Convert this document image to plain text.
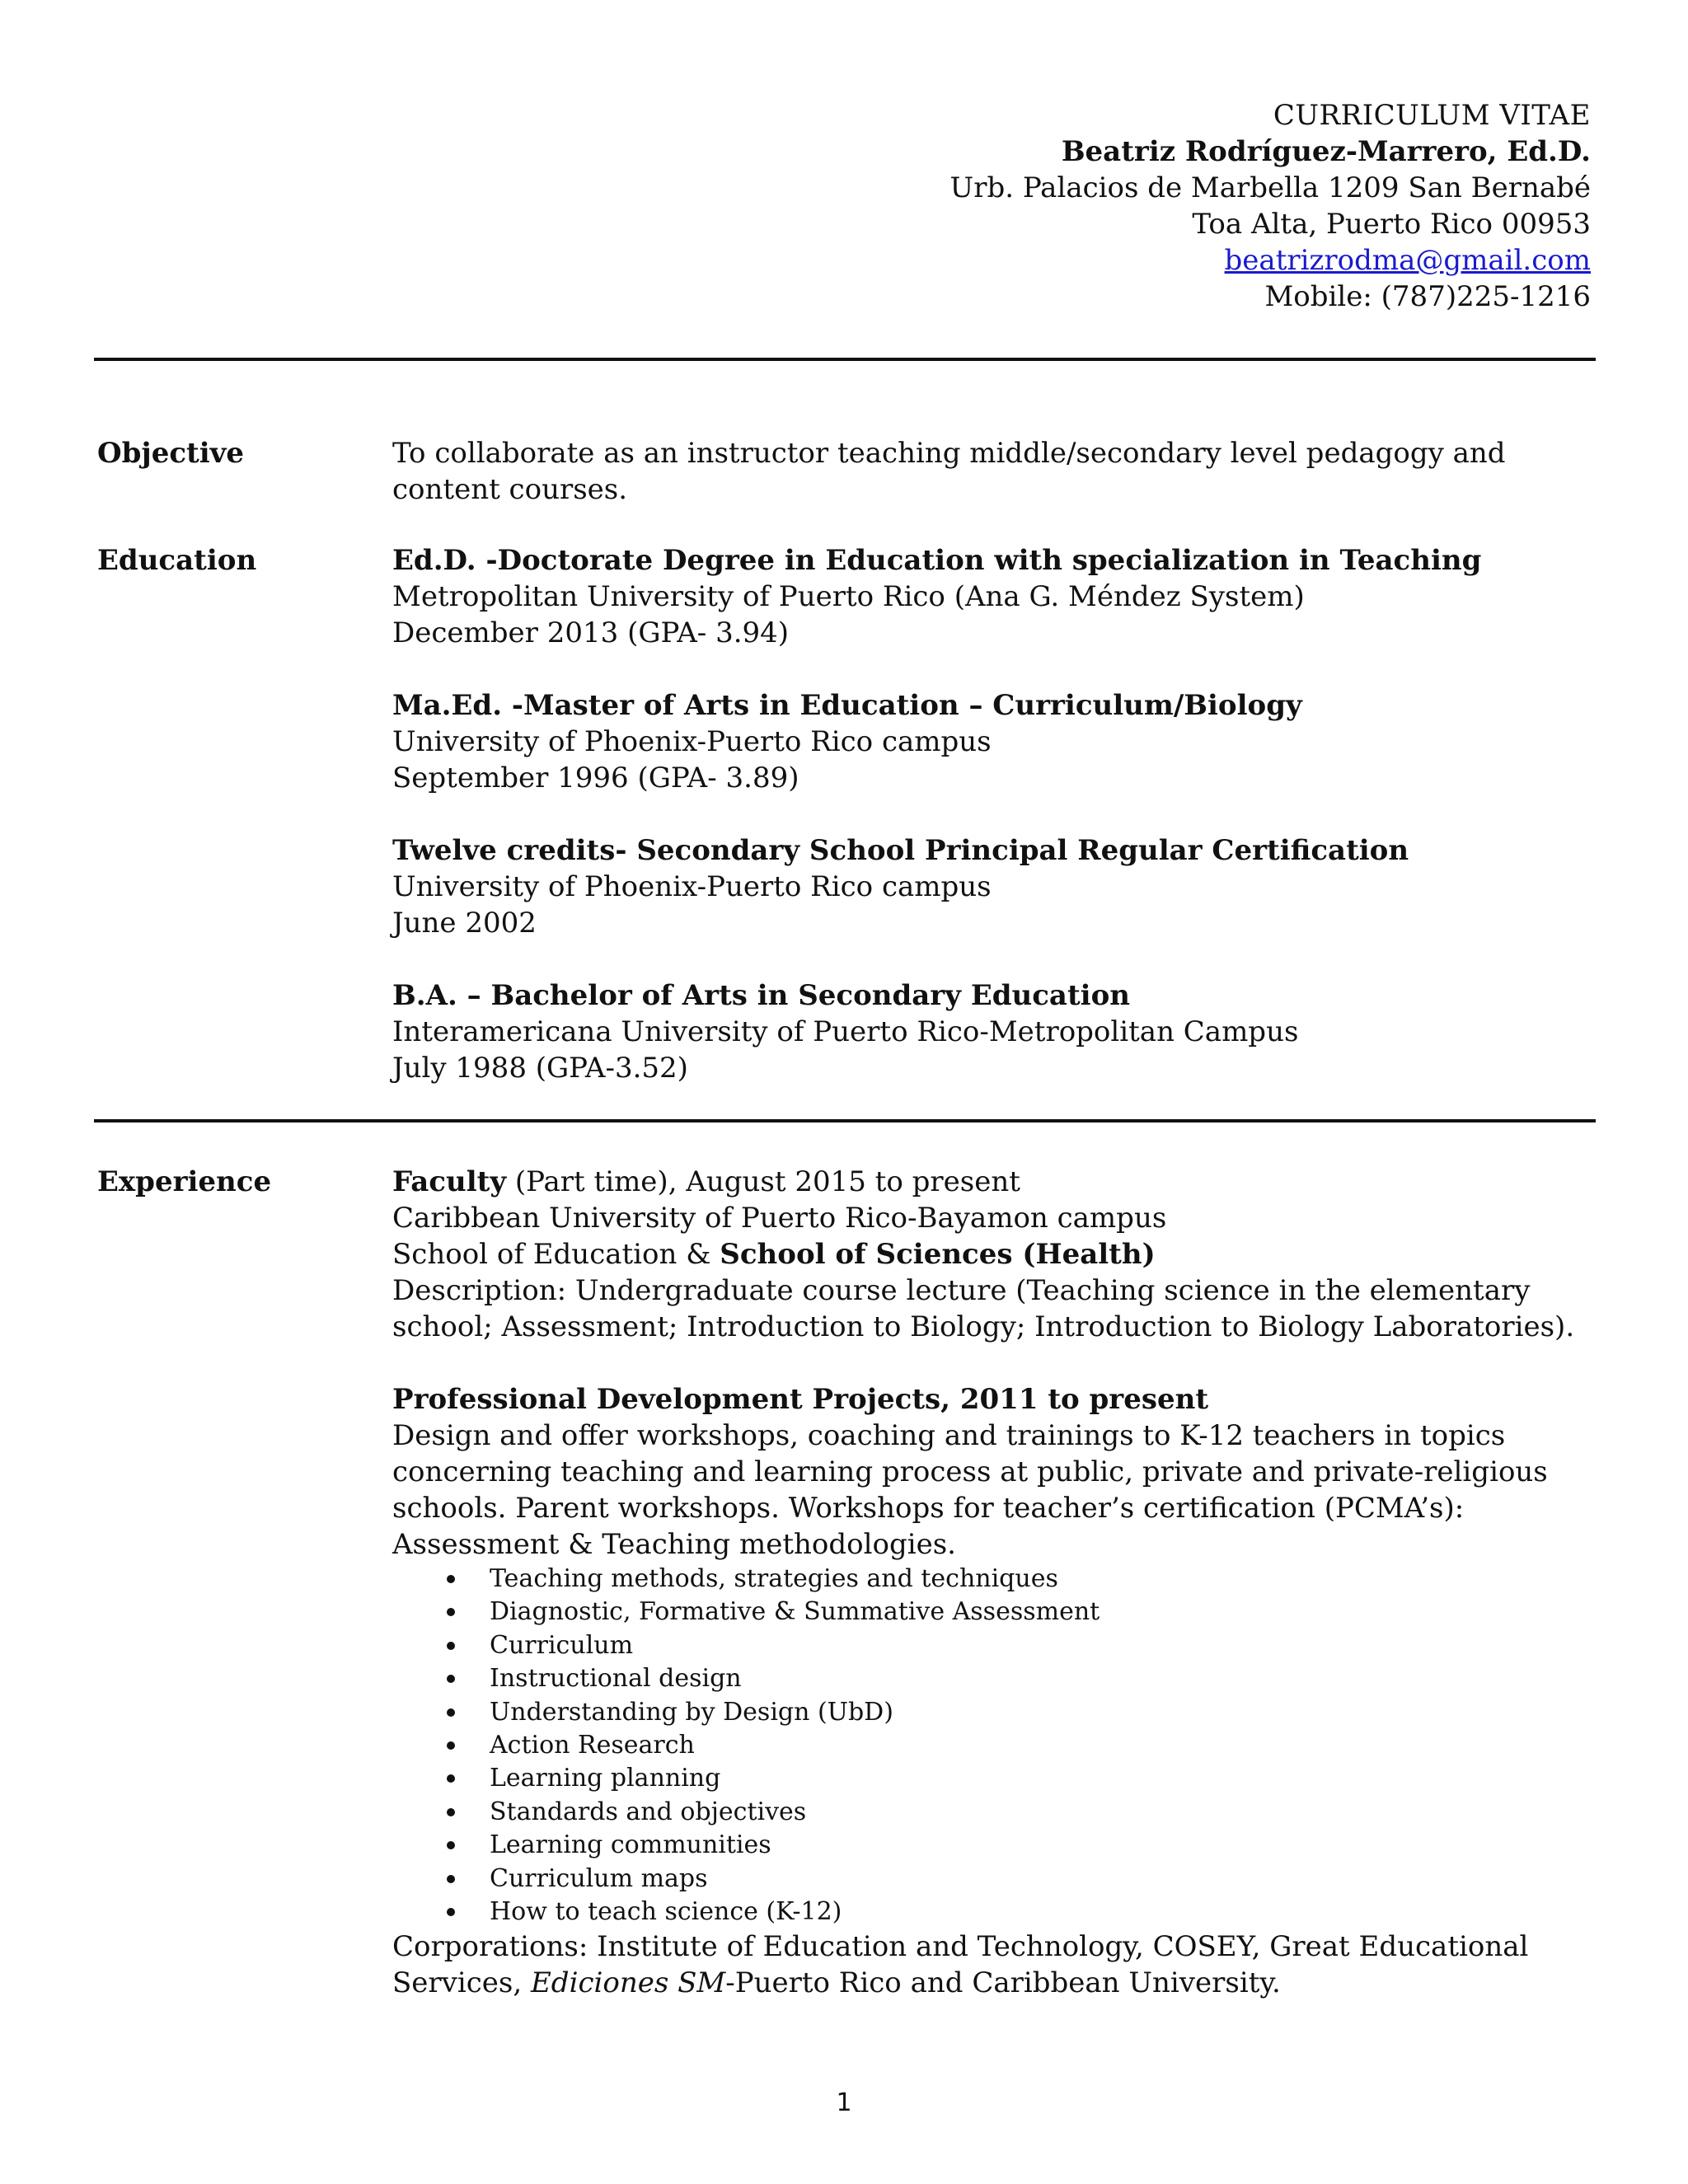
CURRICULUM VITAE
Beatriz Rodríguez-Marrero, Ed.D.
Urb. Palacios de Marbella 1209 San Bernabé
Toa Alta, Puerto Rico 00953
beatrizrodma@gmail.com
Mobile: (787)225-1216
Objective	To collaborate as an instructor teaching middle/secondary level pedagogy and content courses.

Education	Ed.D. -Doctorate Degree in Education with specialization in Teaching

Metropolitan University of Puerto Rico (Ana G. Méndez System)

December 2013 (GPA- 3.94)

Ma.Ed. -Master of Arts in Education – Curriculum/Biology

University of Phoenix-Puerto Rico campus

September 1996 (GPA- 3.89)

Twelve credits- Secondary School Principal Regular Certification

University of Phoenix-Puerto Rico campus

June 2002

B.A. – Bachelor of Arts in Secondary Education

Interamericana University of Puerto Rico-Metropolitan Campus

July 1988 (GPA-3.52)

Experience	Faculty (Part time), August 2015 to present

Caribbean University of Puerto Rico-Bayamon campus

School of Education & School of Sciences (Health)

Description: Undergraduate course lecture (Teaching science in the elementary school; Assessment; Introduction to Biology; Introduction to Biology Laboratories).

Professional Development Projects, 2011 to present

Design and offer workshops, coaching and trainings to K-12 teachers in topics concerning teaching and learning process at public, private and private-religious schools. Parent workshops. Workshops for teacher’s certification (PCMA’s): Assessment & Teaching methodologies.

Teaching methods, strategies and techniques
Diagnostic, Formative & Summative Assessment
Curriculum
Instructional design
Understanding by Design (UbD)
Action Research
Learning planning
Standards and objectives
Learning communities
Curriculum maps
How to teach science (K-12)

Corporations: Institute of Education and Technology, COSEY, Great Educational Services, Ediciones SM-Puerto Rico and Caribbean University.

1
